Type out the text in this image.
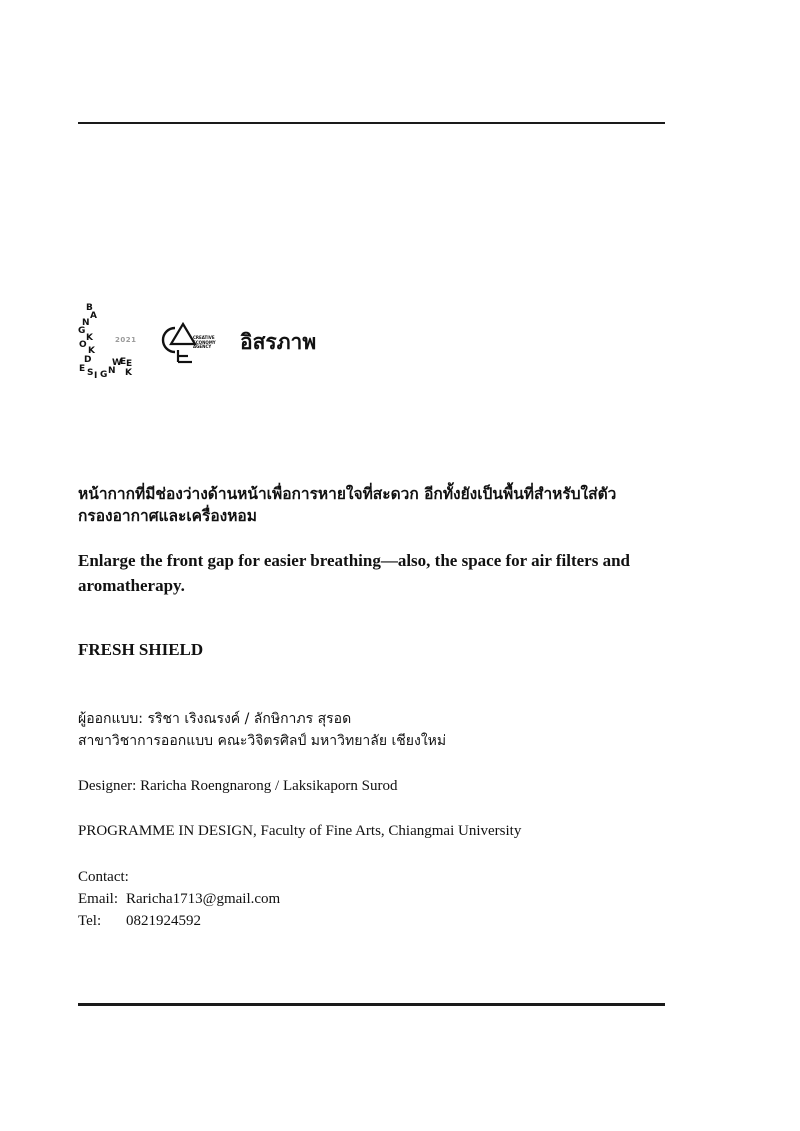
B
A
N
G
K
O
K
D
E S I G N
W
E E
K
2021	CREATIVE
ECONOMY
AGENCY	อิสรภาพ
หน้ากากที่มีช่องว่างด้านหน้าเพื่อการหายใจที่สะดวก อีกทั้งยังเป็นพื้นที่สำหรับใส่ตัว
กรองอากาศและเครื่องหอม
Enlarge the front gap for easier breathing—also, the space for air filters and
aromatherapy.
FRESH SHIELD
ผู้ออกแบบ: รริชา เริงณรงค์ / ลักษิกาภร สุรอด
สาขาวิชาการออกแบบ คณะวิจิตรศิลป์ มหาวิทยาลัย เชียงใหม่

Designer: Raricha Roengnarong / Laksikaporn Surod

PROGRAMME IN DESIGN, Faculty of Fine Arts, Chiangmai University

Contact:
Email: Raricha1713@gmail.com
Tel: 0821924592
